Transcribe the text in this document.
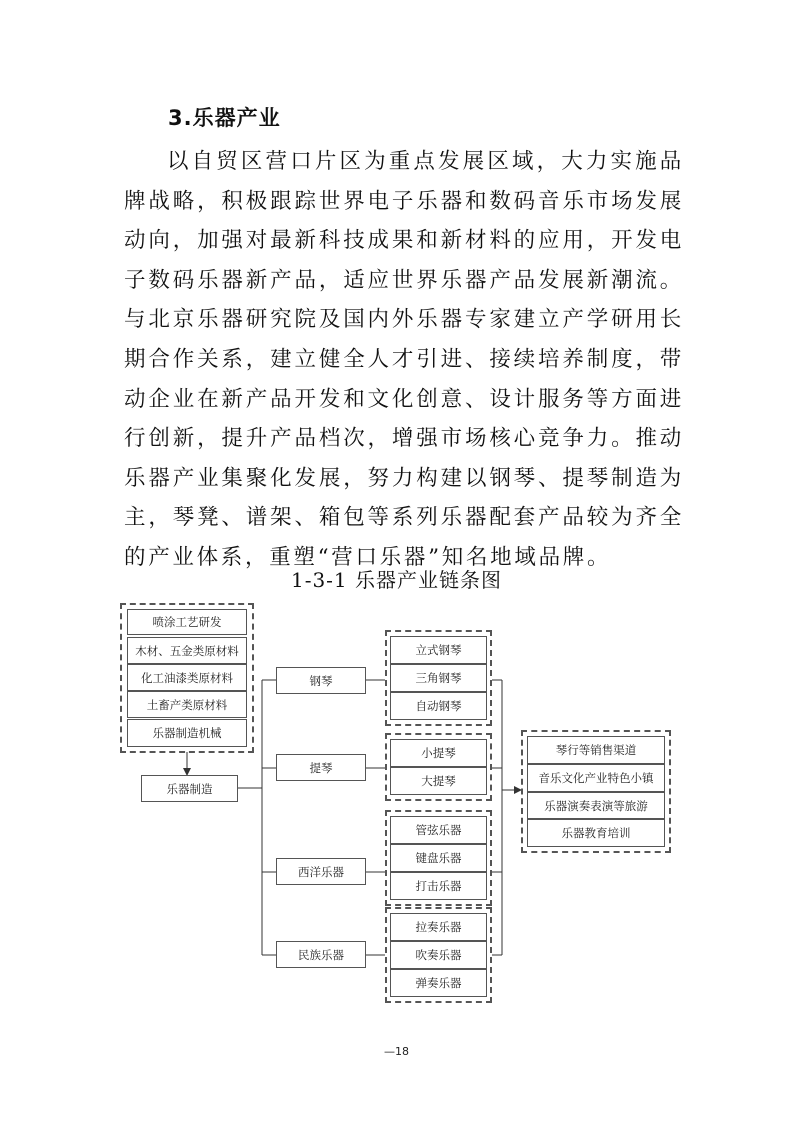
3.乐器产业

以自贸区营口片区为重点发展区域，大力实施品牌战略，积极跟踪世界电子乐器和数码音乐市场发展动向，加强对最新科技成果和新材料的应用，开发电子数码乐器新产品，适应世界乐器产品发展新潮流。与北京乐器研究院及国内外乐器专家建立产学研用长期合作关系，建立健全人才引进、接续培养制度，带动企业在新产品开发和文化创意、设计服务等方面进行创新，提升产品档次，增强市场核心竞争力。推动乐器产业集聚化发展，努力构建以钢琴、提琴制造为主，琴凳、谱架、箱包等系列乐器配套产品较为齐全的产业体系，重塑“营口乐器”知名地域品牌。

1-3-1 乐器产业链条图
喷涂工艺研发
木材、五金类原材料
化工油漆类原材料
土畜产类原材料
乐器制造机械
乐器制造
钢琴
提琴
西洋乐器
民族乐器
立式钢琴
三角钢琴
自动钢琴
小提琴
大提琴
管弦乐器
键盘乐器
打击乐器
拉奏乐器
吹奏乐器
弹奏乐器
琴行等销售渠道
音乐文化产业特色小镇
乐器演奏表演等旅游
乐器教育培训
—18
